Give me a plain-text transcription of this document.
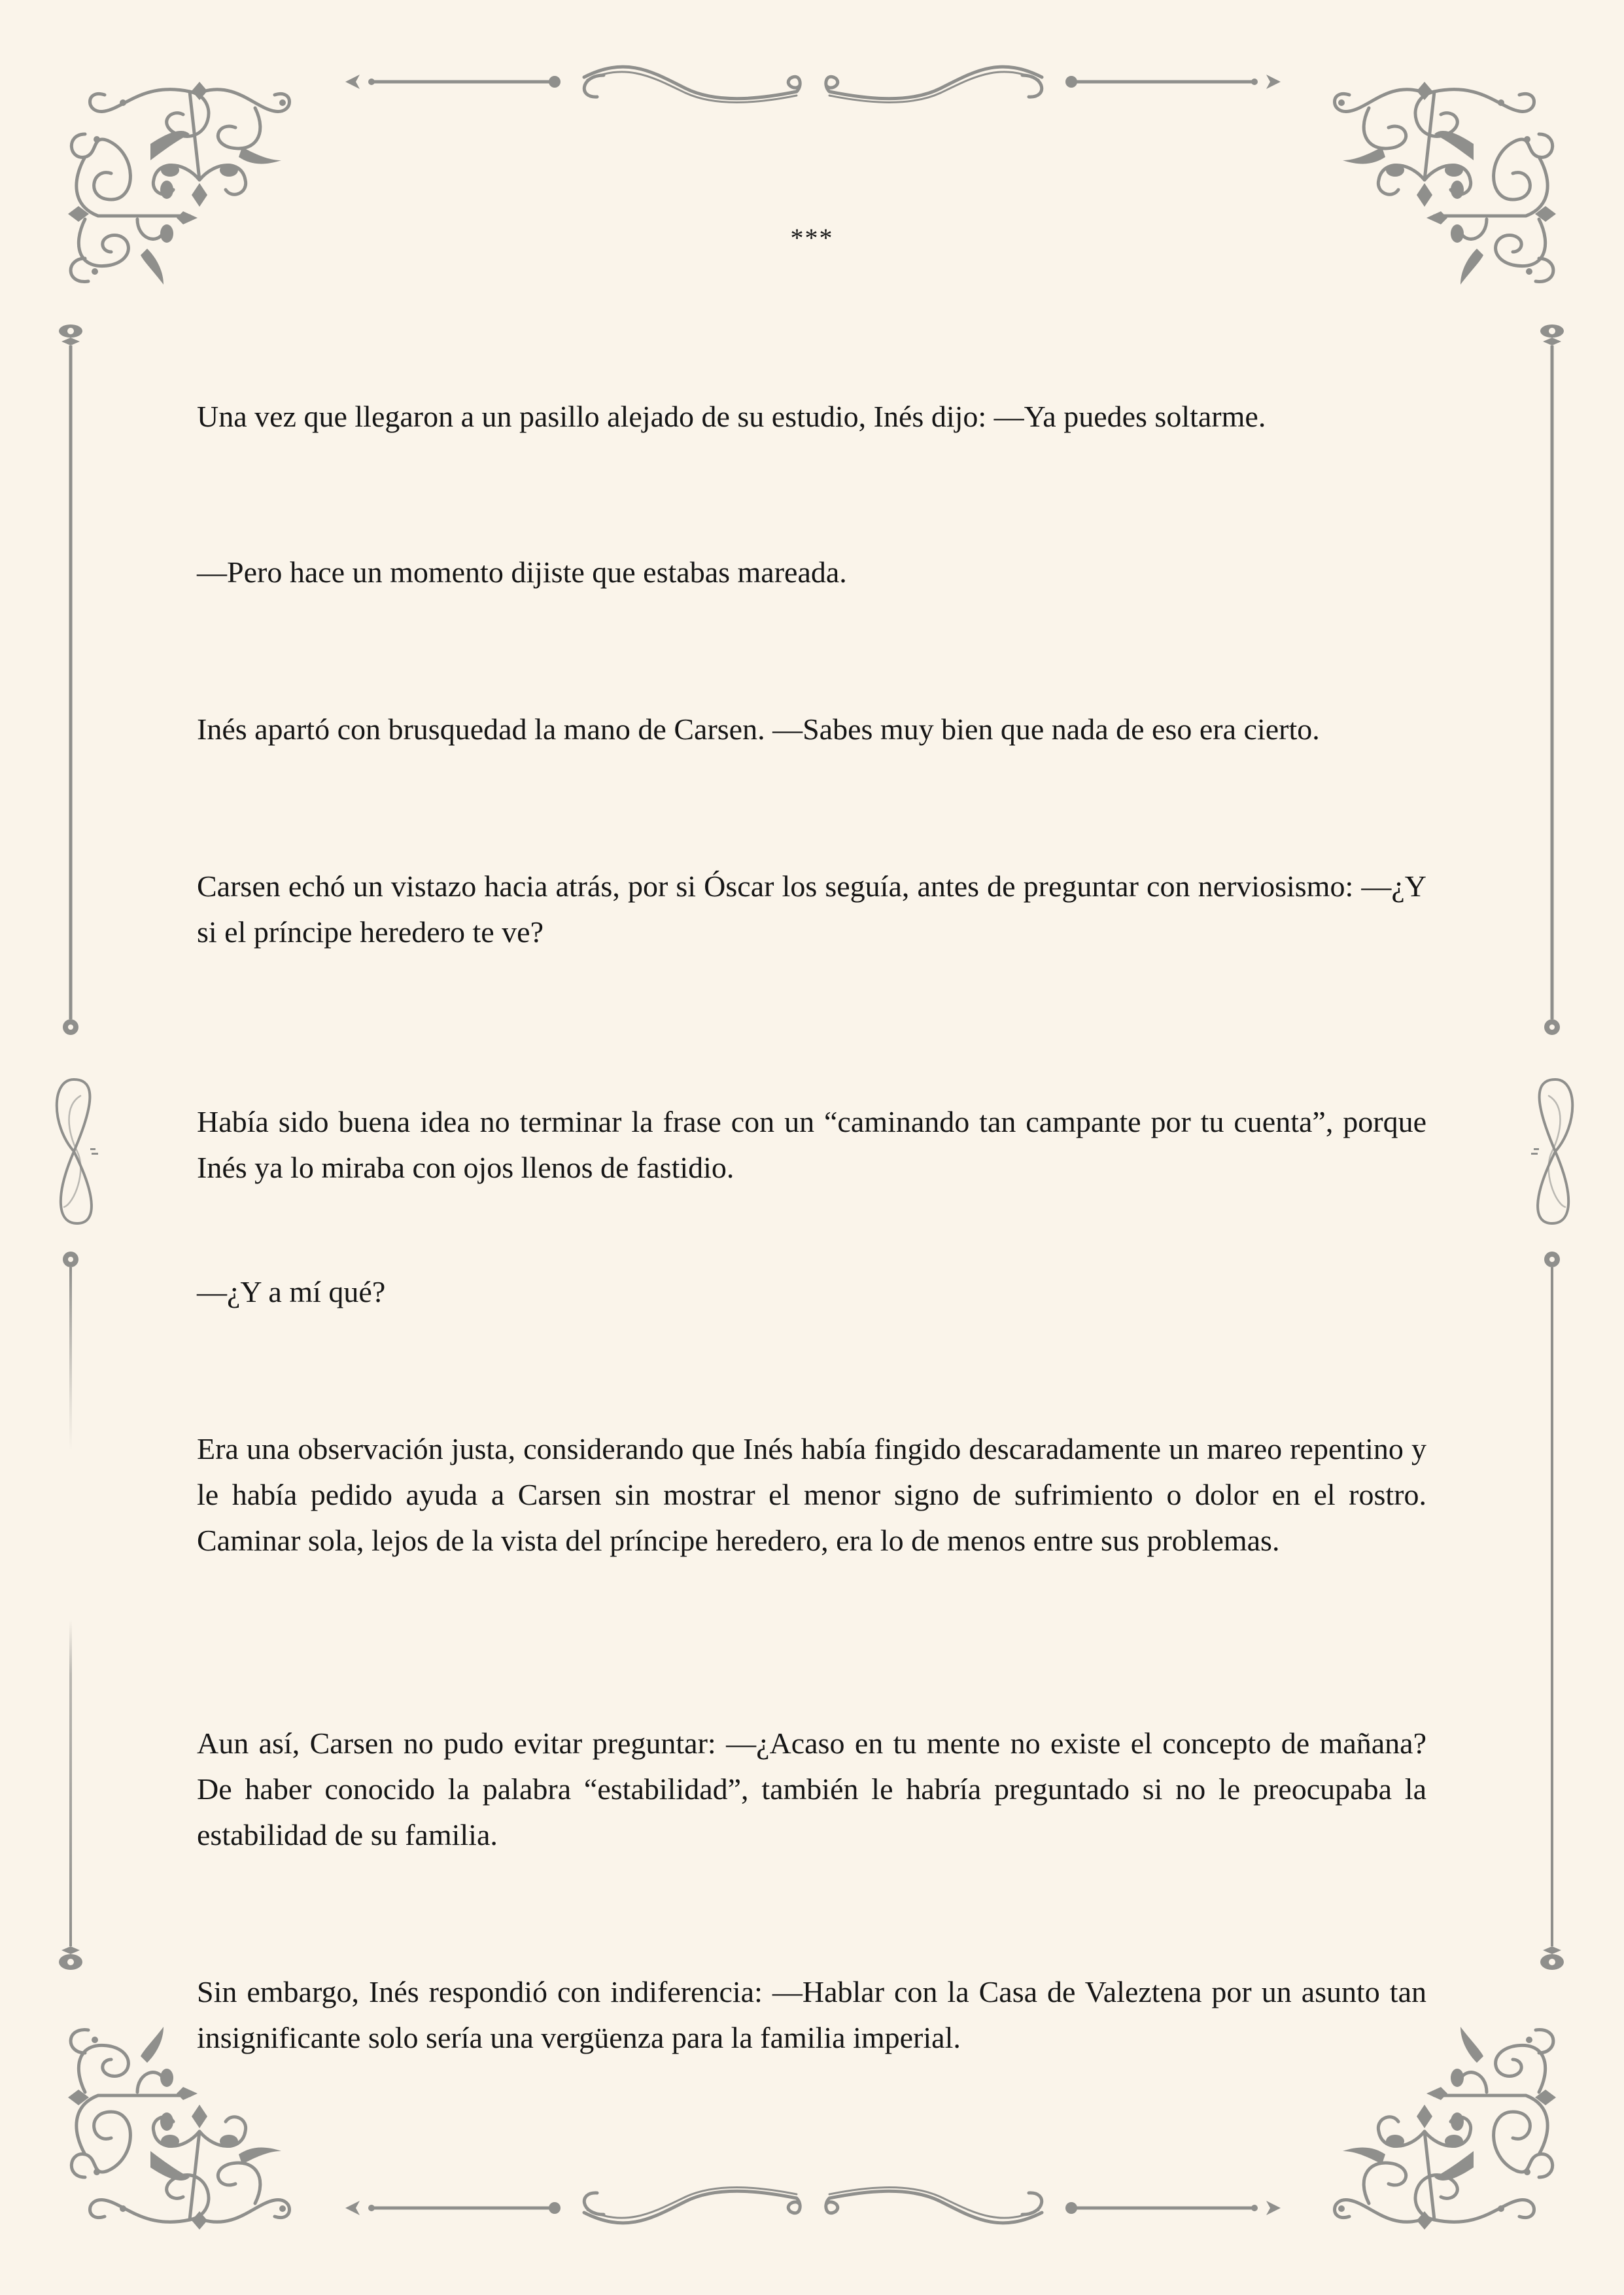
***

Una vez que llegaron a un pasillo alejado de su estudio, Inés dijo: —Ya puedes soltarme.

—Pero hace un momento dijiste que estabas mareada.

Inés apartó con brusquedad la mano de Carsen. —Sabes muy bien que nada de eso era cierto.

Carsen echó un vistazo hacia atrás, por si Óscar los seguía, antes de preguntar con nerviosismo: —¿Y si el príncipe heredero te ve?

Había sido buena idea no terminar la frase con un “caminando tan campante por tu cuenta”, porque Inés ya lo miraba con ojos llenos de fastidio.

—¿Y a mí qué?

Era una observación justa, considerando que Inés había fingido descaradamente un mareo repentino y le había pedido ayuda a Carsen sin mostrar el menor signo de sufrimiento o dolor en el rostro. Caminar sola, lejos de la vista del príncipe heredero, era lo de menos entre sus problemas.

Aun así, Carsen no pudo evitar preguntar: —¿Acaso en tu mente no existe el concepto de mañana? De haber conocido la palabra “estabilidad”, también le habría preguntado si no le preocupaba la estabilidad de su familia.

Sin embargo, Inés respondió con indiferencia: —Hablar con la Casa de Valeztena por un asunto tan insignificante solo sería una vergüenza para la familia imperial.
